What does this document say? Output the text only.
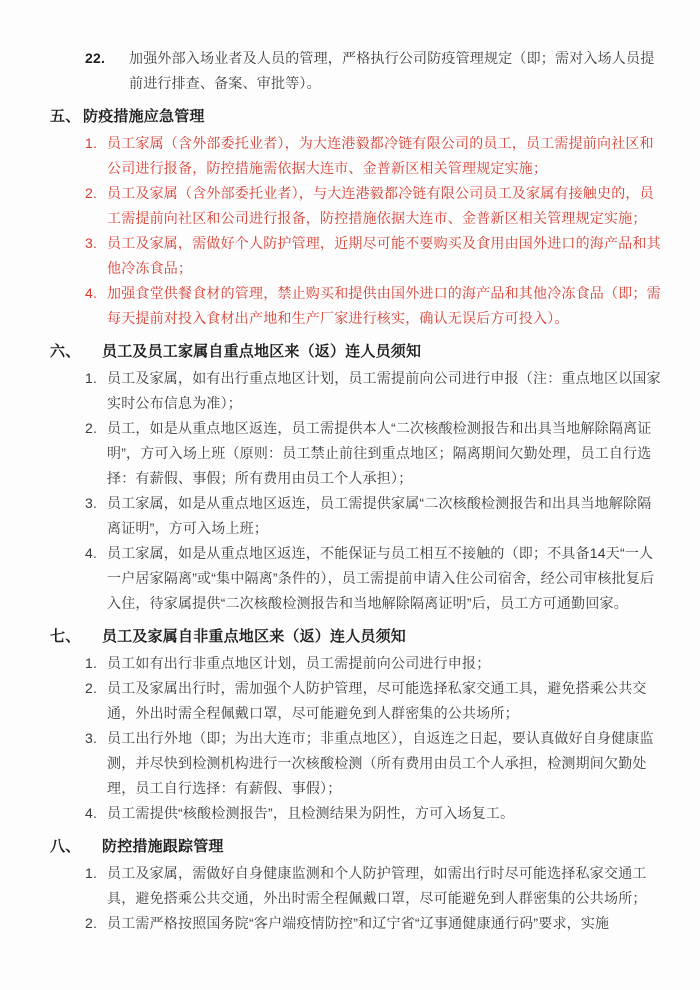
22.	加强外部入场业者及人员的管理，严格执行公司防疫管理规定（即；需对入场人员提前进行排查、备案、审批等）。
五、 防疫措施应急管理
1. 员工家属（含外部委托业者），为大连港毅都冷链有限公司的员工，员工需提前向社区和公司进行报备，防控措施需依据大连市、金普新区相关管理规定实施；
2. 员工及家属（含外部委托业者），与大连港毅都冷链有限公司员工及家属有接触史的，员工需提前向社区和公司进行报备，防控措施依据大连市、金普新区相关管理规定实施；
3. 员工及家属，需做好个人防护管理，近期尽可能不要购买及食用由国外进口的海产品和其他冷冻食品；
4. 加强食堂供餐食材的管理，禁止购买和提供由国外进口的海产品和其他冷冻食品（即；需每天提前对投入食材出产地和生产厂家进行核实，确认无误后方可投入）。
六、	员工及员工家属自重点地区来（返）连人员须知
1. 员工及家属，如有出行重点地区计划，员工需提前向公司进行申报（注：重点地区以国家实时公布信息为准）；
2. 员工，如是从重点地区返连，员工需提供本人“二次核酸检测报告和出具当地解除隔离证明”，方可入场上班（原则：员工禁止前往到重点地区；隔离期间欠勤处理，员工自行选择：有薪假、事假；所有费用由员工个人承担）；
3. 员工家属，如是从重点地区返连，员工需提供家属“二次核酸检测报告和出具当地解除隔离证明”，方可入场上班；
4. 员工家属，如是从重点地区返连，不能保证与员工相互不接触的（即；不具备14天“一人一户居家隔离”或“集中隔离”条件的），员工需提前申请入住公司宿舍，经公司审核批复后入住，待家属提供“二次核酸检测报告和当地解除隔离证明”后，员工方可通勤回家。
七、	员工及家属自非重点地区来（返）连人员须知
1. 员工如有出行非重点地区计划，员工需提前向公司进行申报；
2. 员工及家属出行时，需加强个人防护管理，尽可能选择私家交通工具，避免搭乘公共交通，外出时需全程佩戴口罩，尽可能避免到人群密集的公共场所；
3. 员工出行外地（即；为出大连市；非重点地区），自返连之日起，要认真做好自身健康监测，并尽快到检测机构进行一次核酸检测（所有费用由员工个人承担，检测期间欠勤处理，员工自行选择：有薪假、事假）；
4. 员工需提供“核酸检测报告”，且检测结果为阴性，方可入场复工。
八、	防控措施跟踪管理
1. 员工及家属，需做好自身健康监测和个人防护管理，如需出行时尽可能选择私家交通工具，避免搭乘公共交通，外出时需全程佩戴口罩，尽可能避免到人群密集的公共场所；
2. 员工需严格按照国务院“客户端疫情防控”和辽宁省“辽事通健康通行码”要求，实施
